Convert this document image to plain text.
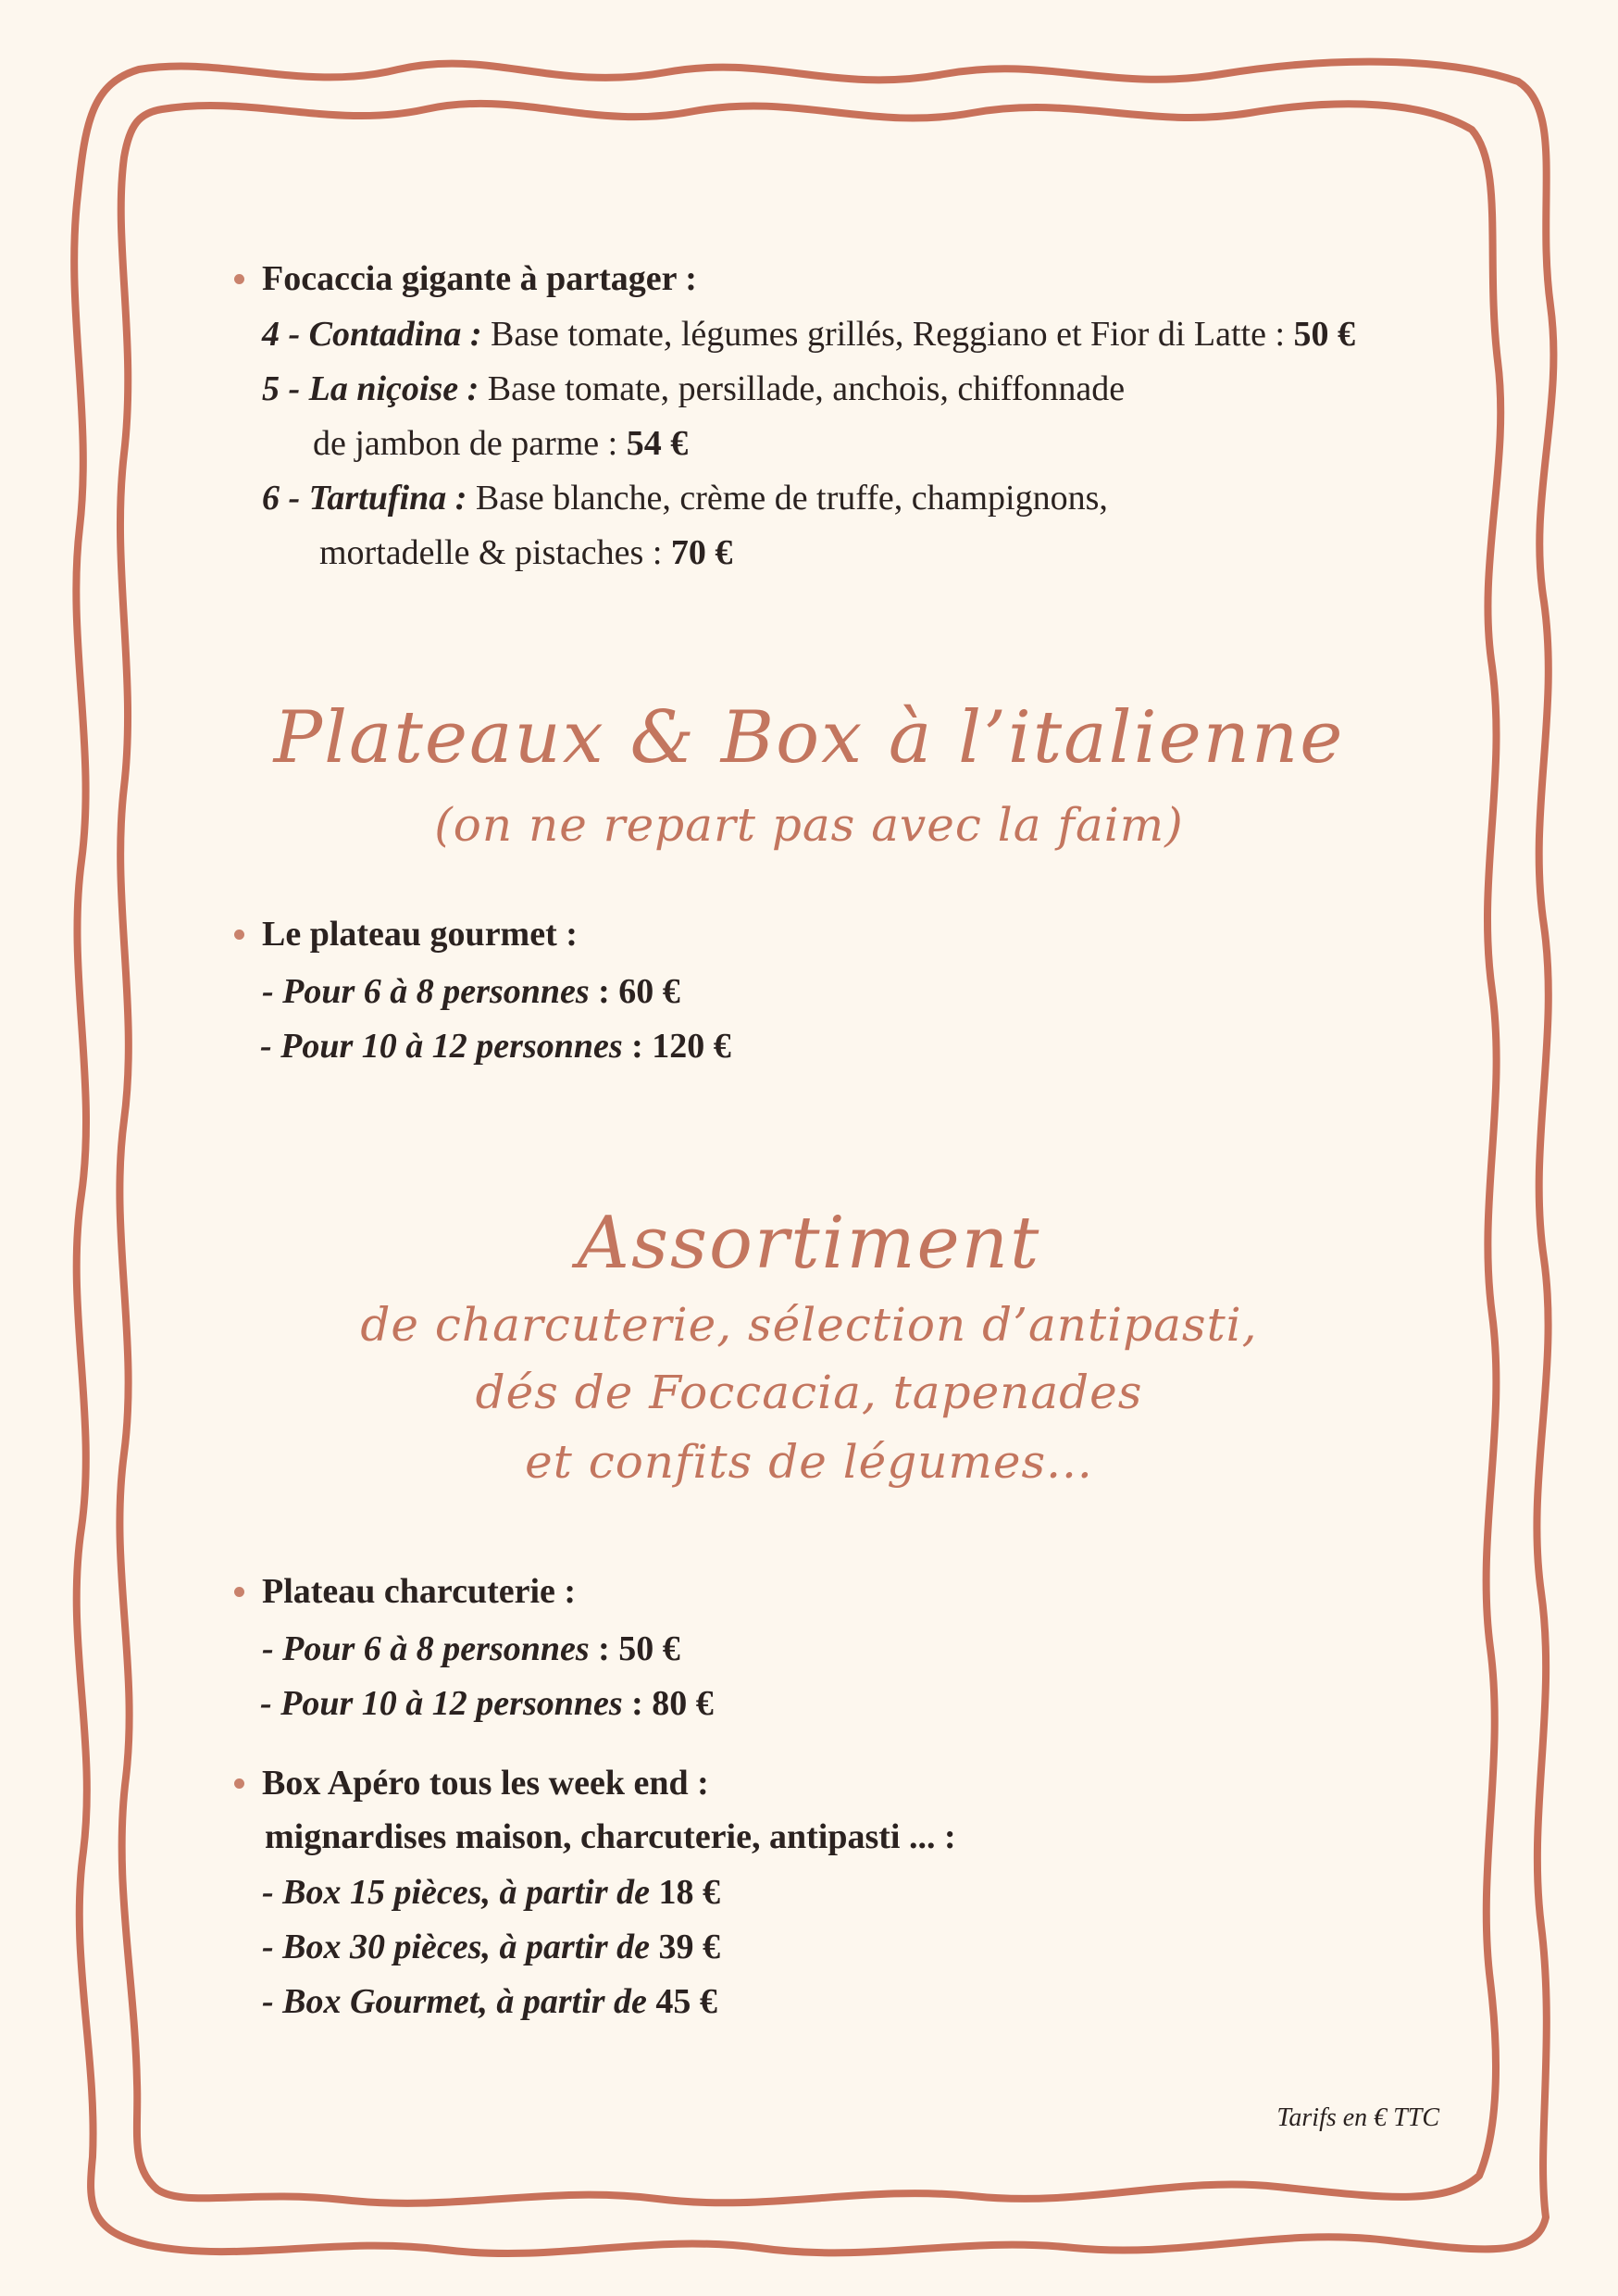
Focaccia gigante à partager :
4 - Contadina : Base tomate, légumes grillés, Reggiano et Fior di Latte : 50 €
5 - La niçoise : Base tomate, persillade, anchois, chiffonnade
de jambon de parme : 54 €
6 - Tartufina : Base blanche, crème de truffe, champignons,
mortadelle & pistaches : 70 €
Plateaux & Box à l’italienne
(on ne repart pas avec la faim)
Le plateau gourmet :
- Pour 6 à 8 personnes : 60 €
- Pour 10 à 12 personnes : 120 €
Assortiment
de charcuterie, sélection d’antipasti,
dés de Foccacia, tapenades
et confits de légumes...
Plateau charcuterie :
- Pour 6 à 8 personnes : 50 €
- Pour 10 à 12 personnes : 80 €
Box Apéro tous les week end :
mignardises maison, charcuterie, antipasti ... :
- Box 15 pièces, à partir de 18 €
- Box 30 pièces, à partir de 39 €
- Box Gourmet, à partir de 45 €
Tarifs en € TTC
